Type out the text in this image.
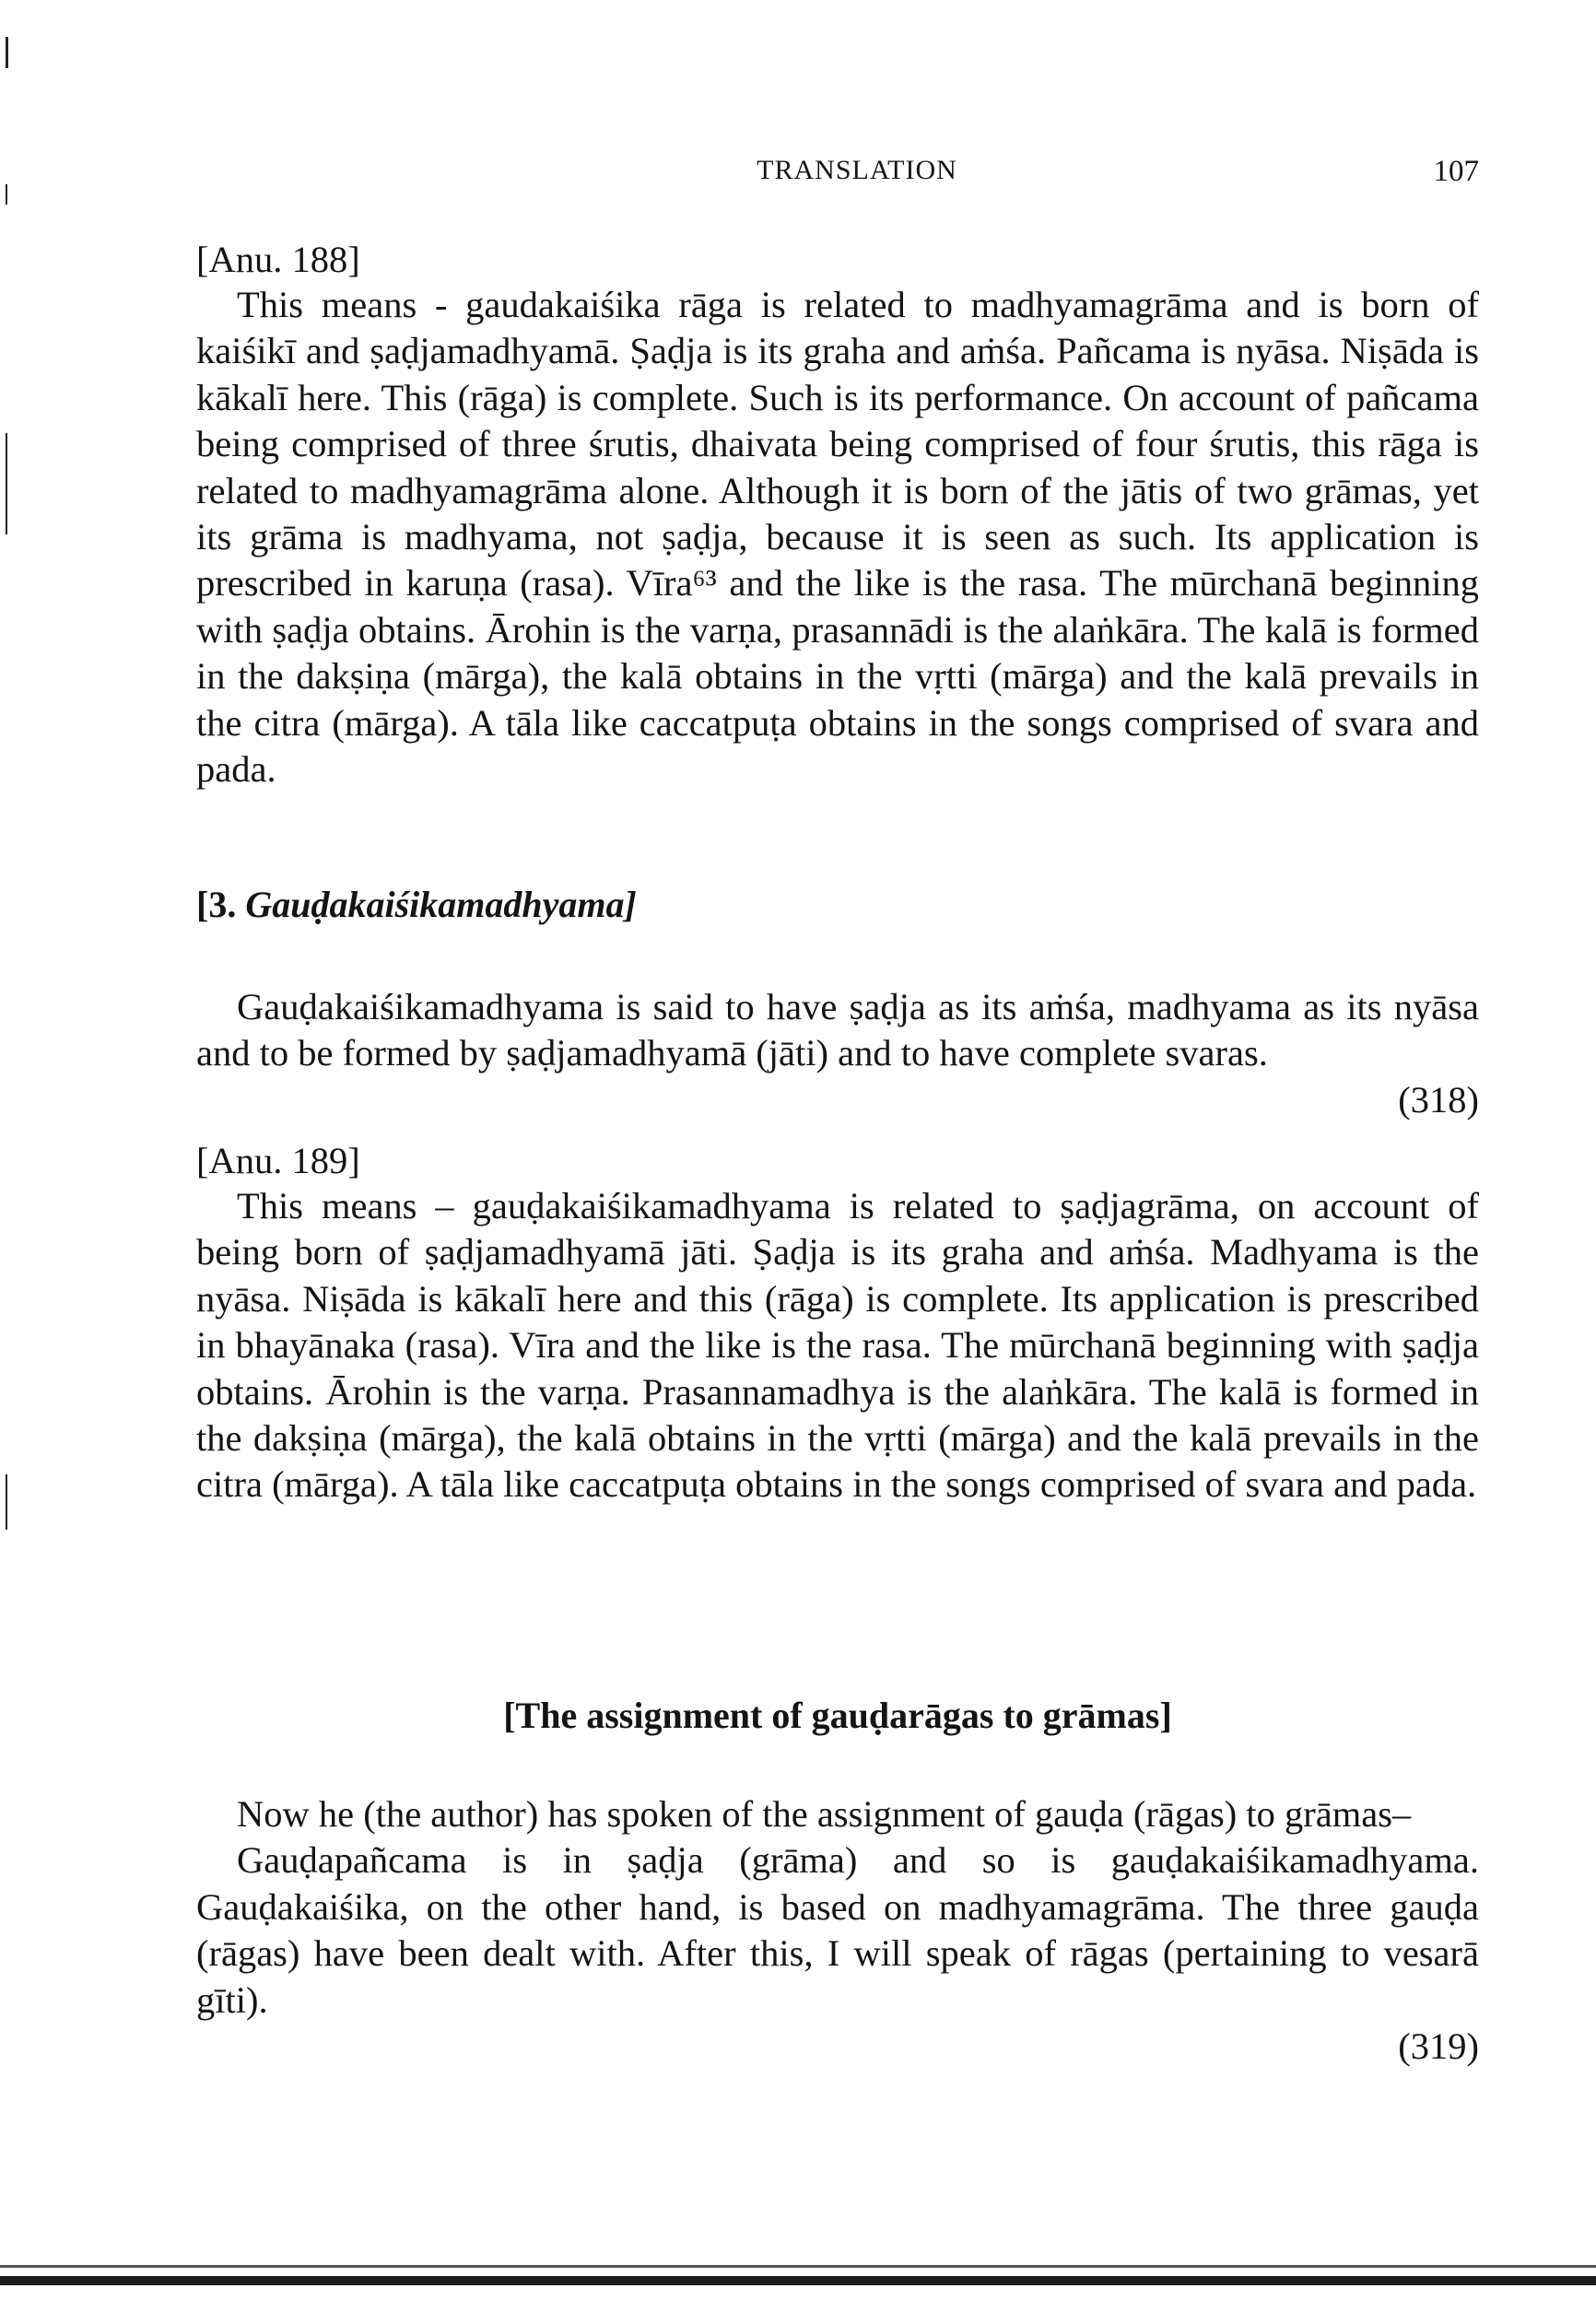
TRANSLATION	107
[Anu. 188]

This means - gaudakaiśika rāga is related to madhyamagrāma and is born of kaiśikī and ṣaḍjamadhyamā. Ṣaḍja is its graha and aṁśa. Pañcama is nyāsa. Niṣāda is kākalī here. This (rāga) is complete. Such is its performance. On account of pañcama being comprised of three śrutis, dhaivata being comprised of four śrutis, this rāga is related to madhyamagrāma alone. Although it is born of the jātis of two grāmas, yet its grāma is madhyama, not ṣaḍja, because it is seen as such. Its application is prescribed in karuṇa (rasa). Vīra⁶³ and the like is the rasa. The mūrchanā beginning with ṣaḍja obtains. Ārohin is the varṇa, prasannādi is the alaṅkāra. The kalā is formed in the dakṣiṇa (mārga), the kalā obtains in the vṛtti (mārga) and the kalā prevails in the citra (mārga). A tāla like caccatpuṭa obtains in the songs comprised of svara and pada.

[3. Gauḍakaiśikamadhyama]

Gauḍakaiśikamadhyama is said to have ṣaḍja as its aṁśa, madhyama as its nyāsa and to be formed by ṣaḍjamadhyamā (jāti) and to have complete svaras.

(318)

[Anu. 189]

This means – gauḍakaiśikamadhyama is related to ṣaḍjagrāma, on account of being born of ṣaḍjamadhyamā jāti. Ṣaḍja is its graha and aṁśa. Madhyama is the nyāsa. Niṣāda is kākalī here and this (rāga) is complete. Its application is prescribed in bhayānaka (rasa). Vīra and the like is the rasa. The mūrchanā beginning with ṣaḍja obtains. Ārohin is the varṇa. Prasannamadhya is the alaṅkāra. The kalā is formed in the dakṣiṇa (mārga), the kalā obtains in the vṛtti (mārga) and the kalā prevails in the citra (mārga). A tāla like caccatpuṭa obtains in the songs comprised of svara and pada.

[The assignment of gauḍarāgas to grāmas]

Now he (the author) has spoken of the assignment of gauḍa (rāgas) to grāmas–

Gauḍapañcama is in ṣaḍja (grāma) and so is gauḍakaiśikamadhyama. Gauḍakaiśika, on the other hand, is based on madhyamagrāma. The three gauḍa (rāgas) have been dealt with. After this, I will speak of rāgas (pertaining to vesarā gīti).

(319)
